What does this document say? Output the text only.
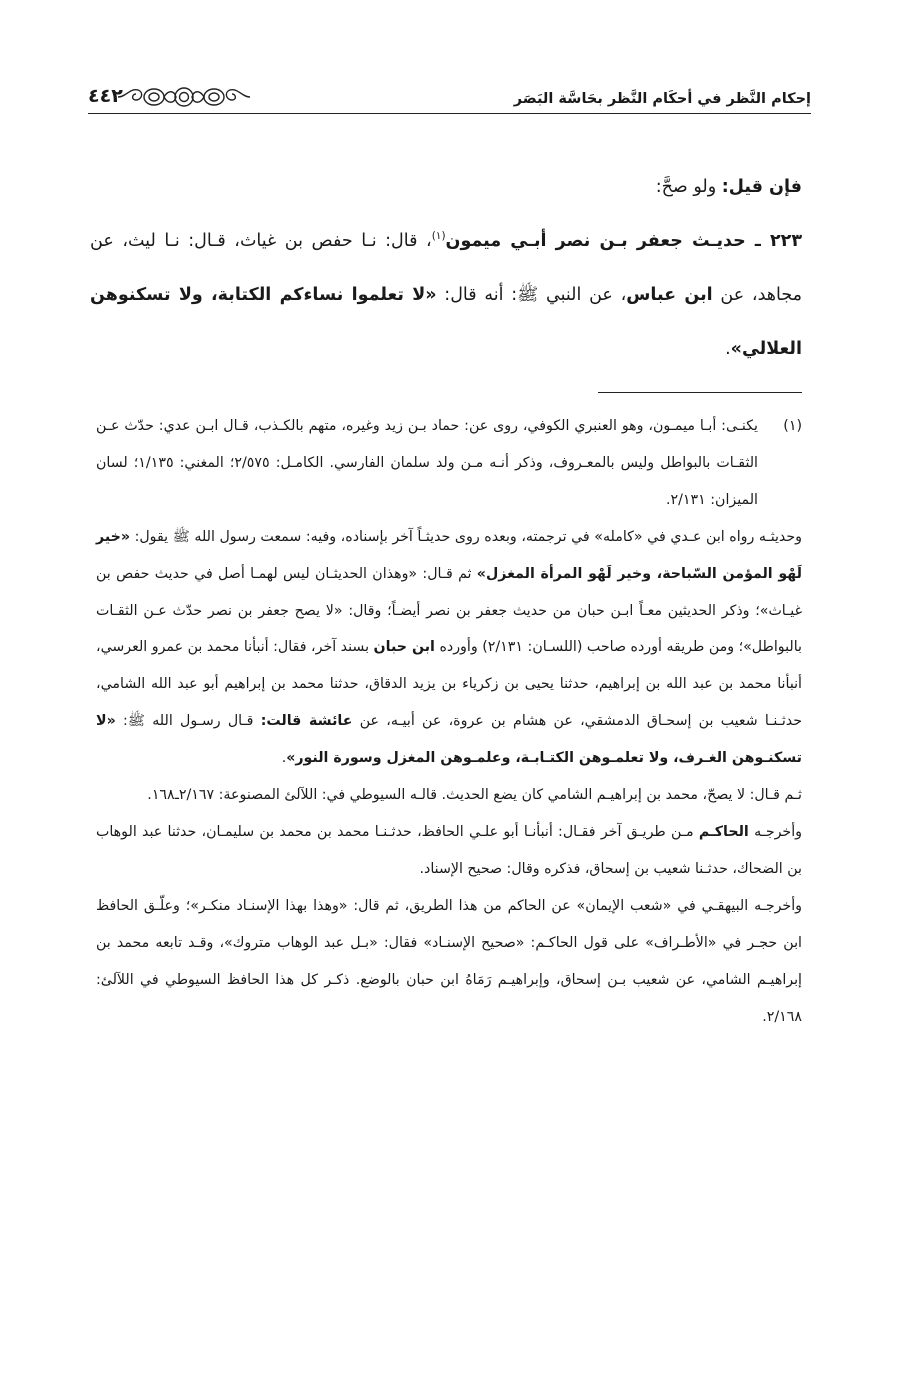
إحكام النَّظر في أحكَام النَّظر بحَاسَّة البَصَر
٤٤٢

فإن قيل: ولو صحَّ:

٢٢٣ ـ حديـث جعفر بـن نصر أبـي ميمون$^{(١)}$، قال: نـا حفص بن غياث، قـال: نـا ليث، عن مجاهد، عن ابن عباس، عن النبي ﷺ: أنه قال: «لا تعلموا نساءكم الكتابة، ولا تسكنوهن العلالي».

(١)
يكنـى: أبـا ميمـون، وهو العنبري الكوفي، روى عن: حماد بـن زيد وغيره، متهم بالكـذب، قـال ابـن عدي: حدّث عـن الثقـات بالبواطل وليس بالمعـروف، وذكر أنـه مـن ولد سلمان الفارسي. الكامـل: ٢/٥٧٥؛ المغني: ١/١٣٥؛ لسان الميزان: ٢/١٣١.

وحديثـه رواه ابن عـدي في «كامله» في ترجمته، وبعده روى حديثـاً آخر بإسناده، وفيه: سمعت رسول الله ﷺ يقول: «خير لَهْو المؤمن السّباحة، وخير لَهْو المرأة المغزل» ثم قـال: «وهذان الحديثـان ليس لهمـا أصل في حديث حفص بن غيـاث»؛ وذكر الحديثين معـاً ابـن حبان من حديث جعفر بن نصر أيضـاً؛ وقال: «لا يصح جعفر بن نصر حدّث عـن الثقـات بالبواطل»؛ ومن طريقه أورده صاحب (اللسـان: ٢/١٣١) وأورده ابن حبان بسند آخر، فقال: أنبأنا محمد بن عمرو العرسي، أنبأنا محمد بن عبد الله بن إبراهيم، حدثنا يحيى بن زكرياء بن يزيد الدقاق، حدثنا محمد بن إبراهيم أبو عبد الله الشامي، حدثـنـا شعيب بن إسحـاق الدمشقي، عن هشام بن عروة، عن أبيـه، عن عائشة قالت: قـال رسـول الله ﷺ: «لا تسكنـوهن الغـرف، ولا تعلمـوهن الكتـابـة، وعلمـوهن المغزل وسورة النور».

ثـم قـال: لا يصحّ، محمد بن إبراهيـم الشامي كان يضع الحديث. قالـه السيوطي في: اللآلئ المصنوعة: ٢/١٦٧ـ١٦٨.

وأخرجـه الحاكـم مـن طريـق آخر فقـال: أنبأنـا أبو علـي الحافظ، حدثـنـا محمد بن محمد بن سليمـان، حدثنا عبد الوهاب بن الضحاك، حدثـنا شعيب بن إسحاق، فذكره وقال: صحيح الإسناد.

وأخرجـه البيهقـي في «شعب الإيمان» عن الحاكم من هذا الطريق، ثم قال: «وهذا بهذا الإسنـاد منكـر»؛ وعلّـق الحافظ ابن حجـر في «الأطـراف» على قول الحاكـم: «صحيح الإسنـاد» فقال: «بـل عبد الوهاب متروك»، وقـد تابعه محمد بن إبراهيـم الشامي، عن شعيب بـن إسحاق، وإبراهيـم رَمَاهُ ابن حبان بالوضع. ذكـر كل هذا الحافظ السيوطي في اللآلئ: ٢/١٦٨.
